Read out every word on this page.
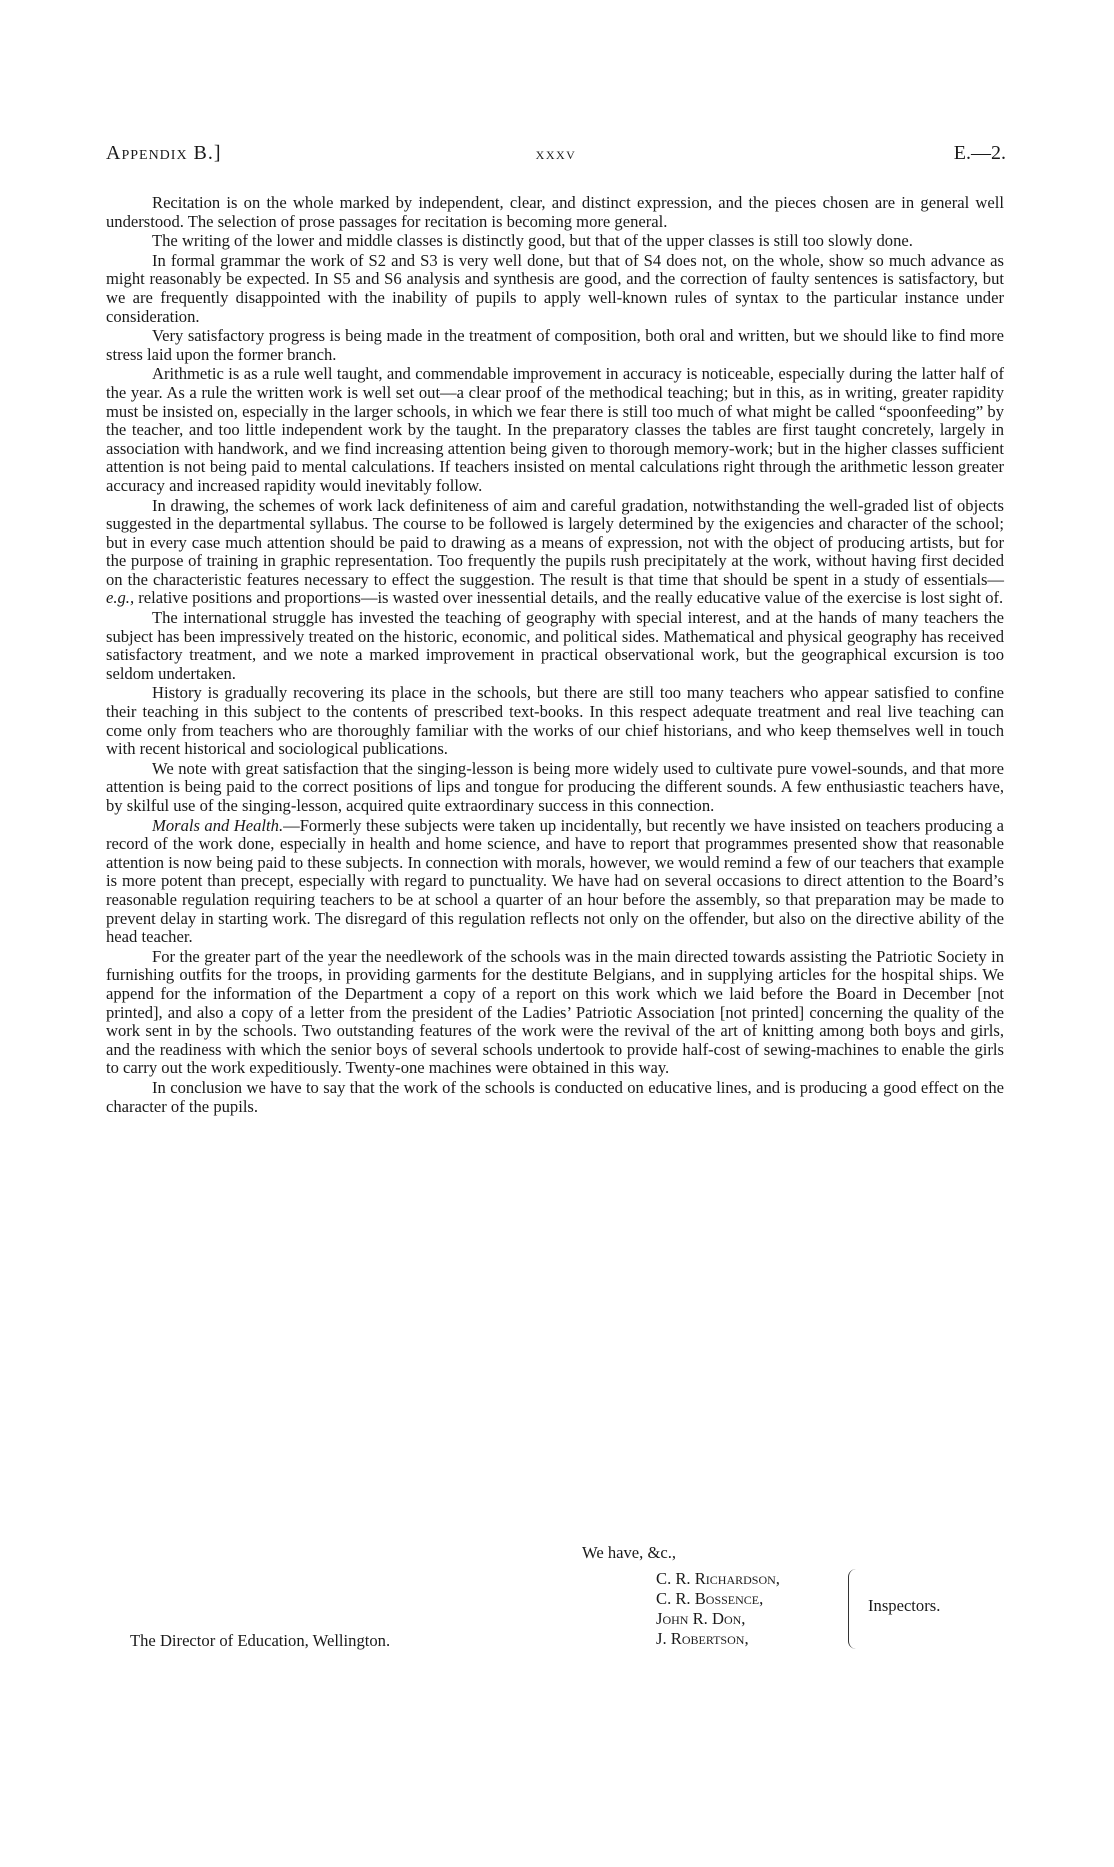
Appendix B.]	xxxv	E.—2.

Recitation is on the whole marked by independent, clear, and distinct expression, and the pieces chosen are in general well understood. The selection of prose passages for recitation is becoming more general.

The writing of the lower and middle classes is distinctly good, but that of the upper classes is still too slowly done.

In formal grammar the work of S2 and S3 is very well done, but that of S4 does not, on the whole, show so much advance as might reasonably be expected. In S5 and S6 analysis and synthesis are good, and the correction of faulty sentences is satisfactory, but we are frequently disappointed with the inability of pupils to apply well-known rules of syntax to the particular instance under consideration.

Very satisfactory progress is being made in the treatment of composition, both oral and written, but we should like to find more stress laid upon the former branch.

Arithmetic is as a rule well taught, and commendable improvement in accuracy is noticeable, especially during the latter half of the year. As a rule the written work is well set out—a clear proof of the methodical teaching; but in this, as in writing, greater rapidity must be insisted on, especially in the larger schools, in which we fear there is still too much of what might be called “spoonfeeding” by the teacher, and too little independent work by the taught. In the preparatory classes the tables are first taught concretely, largely in association with handwork, and we find increasing attention being given to thorough memory-work; but in the higher classes sufficient attention is not being paid to mental calculations. If teachers insisted on mental calculations right through the arithmetic lesson greater accuracy and increased rapidity would inevitably follow.

In drawing, the schemes of work lack definiteness of aim and careful gradation, notwithstanding the well-graded list of objects suggested in the departmental syllabus. The course to be followed is largely determined by the exigencies and character of the school; but in every case much attention should be paid to drawing as a means of expression, not with the object of producing artists, but for the purpose of training in graphic representation. Too frequently the pupils rush precipitately at the work, without having first decided on the characteristic features necessary to effect the suggestion. The result is that time that should be spent in a study of essentials—e.g., relative positions and proportions—is wasted over inessential details, and the really educative value of the exercise is lost sight of.

The international struggle has invested the teaching of geography with special interest, and at the hands of many teachers the subject has been impressively treated on the historic, economic, and political sides. Mathematical and physical geography has received satisfactory treatment, and we note a marked improvement in practical observational work, but the geographical excursion is too seldom undertaken.

History is gradually recovering its place in the schools, but there are still too many teachers who appear satisfied to confine their teaching in this subject to the contents of prescribed text-books. In this respect adequate treatment and real live teaching can come only from teachers who are thoroughly familiar with the works of our chief historians, and who keep themselves well in touch with recent historical and sociological publications.

We note with great satisfaction that the singing-lesson is being more widely used to cultivate pure vowel-sounds, and that more attention is being paid to the correct positions of lips and tongue for producing the different sounds. A few enthusiastic teachers have, by skilful use of the singing-lesson, acquired quite extraordinary success in this connection.

Morals and Health.—Formerly these subjects were taken up incidentally, but recently we have insisted on teachers producing a record of the work done, especially in health and home science, and have to report that programmes presented show that reasonable attention is now being paid to these subjects. In connection with morals, however, we would remind a few of our teachers that example is more potent than precept, especially with regard to punctuality. We have had on several occasions to direct attention to the Board’s reasonable regulation requiring teachers to be at school a quarter of an hour before the assembly, so that preparation may be made to prevent delay in starting work. The disregard of this regulation reflects not only on the offender, but also on the directive ability of the head teacher.

For the greater part of the year the needlework of the schools was in the main directed towards assisting the Patriotic Society in furnishing outfits for the troops, in providing garments for the destitute Belgians, and in supplying articles for the hospital ships. We append for the information of the Department a copy of a report on this work which we laid before the Board in December [not printed], and also a copy of a letter from the president of the Ladies’ Patriotic Association [not printed] concerning the quality of the work sent in by the schools. Two outstanding features of the work were the revival of the art of knitting among both boys and girls, and the readiness with which the senior boys of several schools undertook to provide half-cost of sewing-machines to enable the girls to carry out the work expeditiously. Twenty-one machines were obtained in this way.

In conclusion we have to say that the work of the schools is conducted on educative lines, and is producing a good effect on the character of the pupils.

We have, &c.,
C. R. Richardson,
C. R. Bossence,
John R. Don,
J. Robertson,
Inspectors.
The Director of Education, Wellington.
